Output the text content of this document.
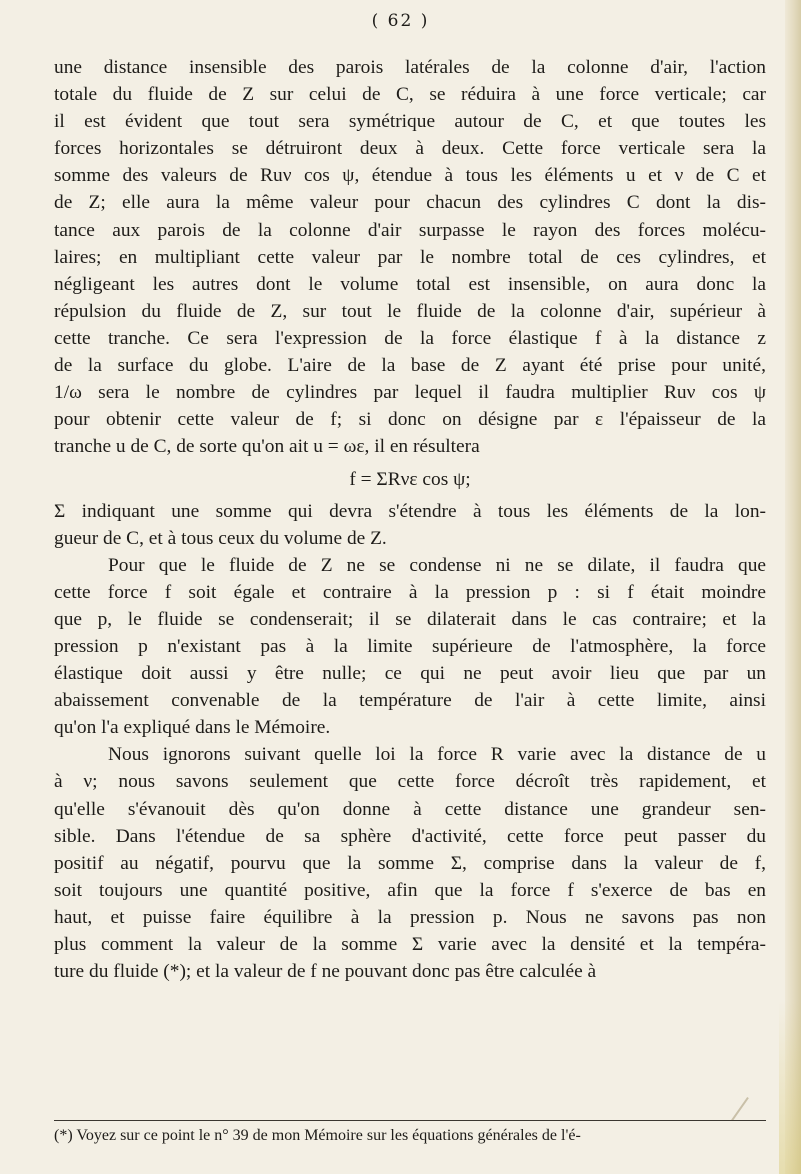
( 62 )

une distance insensible des parois latérales de la colonne d'air, l'action
totale du fluide de Z sur celui de C, se réduira à une force verticale; car
il est évident que tout sera symétrique autour de C, et que toutes les
forces horizontales se détruiront deux à deux. Cette force verticale sera la
somme des valeurs de Ruν cos ψ, étendue à tous les éléments u et ν de C et
de Z; elle aura la même valeur pour chacun des cylindres C dont la dis-
tance aux parois de la colonne d'air surpasse le rayon des forces molécu-
laires; en multipliant cette valeur par le nombre total de ces cylindres, et
négligeant les autres dont le volume total est insensible, on aura donc la
répulsion du fluide de Z, sur tout le fluide de la colonne d'air, supérieur à
cette tranche. Ce sera l'expression de la force élastique f à la distance z
de la surface du globe. L'aire de la base de Z ayant été prise pour unité,
1/ω sera le nombre de cylindres par lequel il faudra multiplier Ruν cos ψ
pour obtenir cette valeur de f; si donc on désigne par ε l'épaisseur de la
tranche u de C, de sorte qu'on ait u = ωε, il en résultera

f = ΣRνε cos ψ;

Σ indiquant une somme qui devra s'étendre à tous les éléments de la lon-
gueur de C, et à tous ceux du volume de Z.

Pour que le fluide de Z ne se condense ni ne se dilate, il faudra que
cette force f soit égale et contraire à la pression p : si f était moindre
que p, le fluide se condenserait; il se dilaterait dans le cas contraire; et la
pression p n'existant pas à la limite supérieure de l'atmosphère, la force
élastique doit aussi y être nulle; ce qui ne peut avoir lieu que par un
abaissement convenable de la température de l'air à cette limite, ainsi
qu'on l'a expliqué dans le Mémoire.

Nous ignorons suivant quelle loi la force R varie avec la distance de u
à ν; nous savons seulement que cette force décroît très rapidement, et
qu'elle s'évanouit dès qu'on donne à cette distance une grandeur sen-
sible. Dans l'étendue de sa sphère d'activité, cette force peut passer du
positif au négatif, pourvu que la somme Σ, comprise dans la valeur de f,
soit toujours une quantité positive, afin que la force f s'exerce de bas en
haut, et puisse faire équilibre à la pression p. Nous ne savons pas non
plus comment la valeur de la somme Σ varie avec la densité et la tempéra-
ture du fluide (*); et la valeur de f ne pouvant donc pas être calculée à

(*) Voyez sur ce point le n° 39 de mon Mémoire sur les équations générales de l'é-
